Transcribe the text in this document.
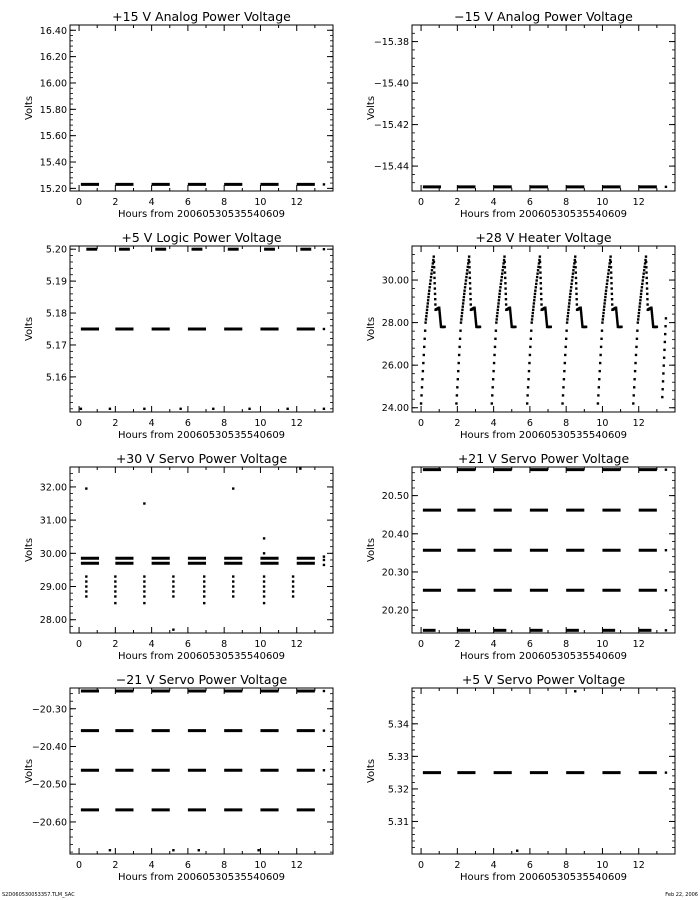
+15 V Analog Power Voltage
0	2	4	6	8	10	12
15.20
15.40
15.60
15.80
16.00
16.20
16.40
Hours from 20060530535540609
Volts
−15 V Analog Power Voltage
0	2	4	6	8	10	12
−15.44
−15.42
−15.40
−15.38
Hours from 20060530535540609
Volts
+5 V Logic Power Voltage
0	2	4	6	8	10	12
5.16
5.17
5.18
5.19
5.20
Hours from 20060530535540609
Volts
+28 V Heater Voltage
0	2	4	6	8	10	12
24.00
26.00
28.00
30.00
Hours from 20060530535540609
Volts
+30 V Servo Power Voltage
0	2	4	6	8	10	12
28.00
29.00
30.00
31.00
32.00
Hours from 20060530535540609
Volts
+21 V Servo Power Voltage
0	2	4	6	8	10	12
20.20
20.30
20.40
20.50
Hours from 20060530535540609
Volts
−21 V Servo Power Voltage
0	2	4	6	8	10	12
−20.60
−20.50
−20.40
−20.30
Hours from 20060530535540609
Volts
+5 V Servo Power Voltage
0	2	4	6	8	10	12
5.31
5.32
5.33
5.34
Hours from 20060530535540609
Volts
S2D060530053357.TLM_SAC	Feb 22, 2006
